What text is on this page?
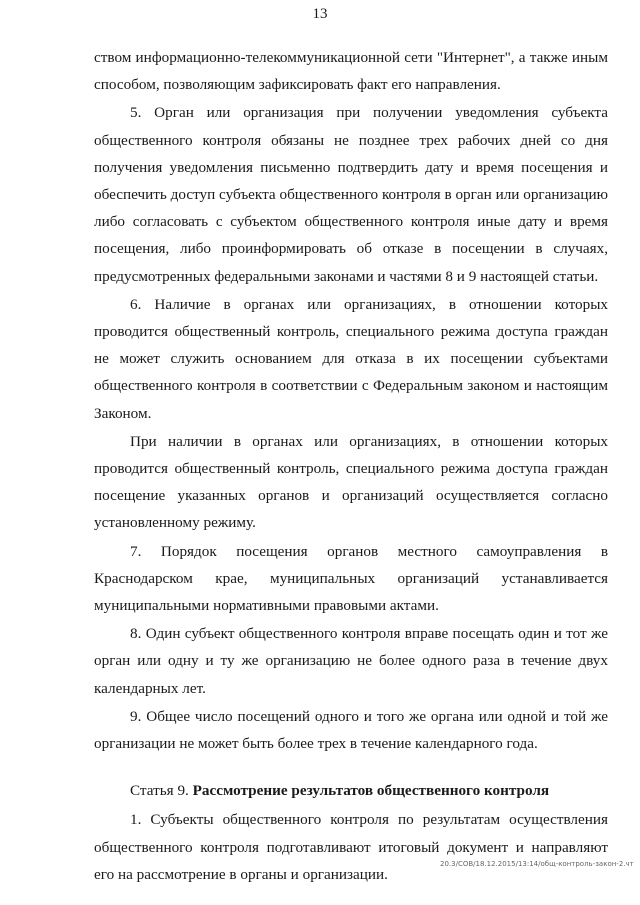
13

ством информационно-телекоммуникационной сети "Интернет", а также иным способом, позволяющим зафиксировать факт его направления.

5. Орган или организация при получении уведомления субъекта общественного контроля обязаны не позднее трех рабочих дней со дня получения уведомления письменно подтвердить дату и время посещения и обеспечить доступ субъекта общественного контроля в орган или организацию либо согласовать с субъектом общественного контроля иные дату и время посещения, либо проинформировать об отказе в посещении в случаях, предусмотренных федеральными законами и частями 8 и 9 настоящей статьи.

6. Наличие в органах или организациях, в отношении которых проводится общественный контроль, специального режима доступа граждан не может служить основанием для отказа в их посещении субъектами общественного контроля в соответствии с Федеральным законом и настоящим Законом.

При наличии в органах или организациях, в отношении которых проводится общественный контроль, специального режима доступа граждан посещение указанных органов и организаций осуществляется согласно установленному режиму.

7. Порядок посещения органов местного самоуправления в Краснодарском крае, муниципальных организаций устанавливается муниципальными нормативными правовыми актами.

8. Один субъект общественного контроля вправе посещать один и тот же орган или одну и ту же организацию не более одного раза в течение двух календарных лет.

9. Общее число посещений одного и того же органа или одной и той же организации не может быть более трех в течение календарного года.

Статья 9. Рассмотрение результатов общественного контроля

1. Субъекты общественного контроля по результатам осуществления общественного контроля подготавливают итоговый документ и направляют его на рассмотрение в органы и организации.

20.3/СОВ/18.12.2015/13:14/общ-контроль-закон-2.чт
